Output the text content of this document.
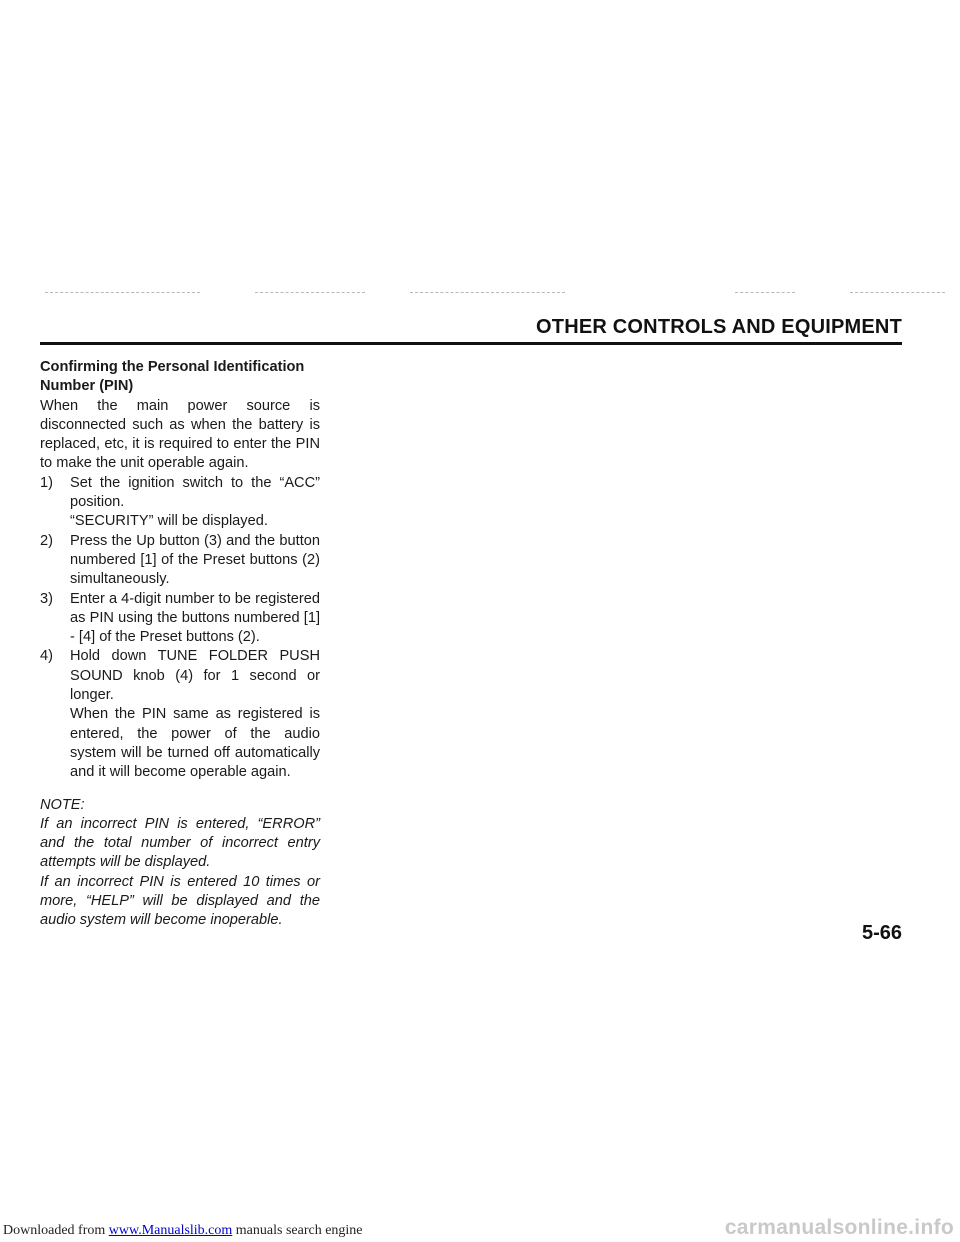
OTHER CONTROLS AND EQUIPMENT

Confirming the Personal Identification Number (PIN)

When the main power source is disconnected such as when the battery is replaced, etc, it is required to enter the PIN to make the unit operable again.

1) Set the ignition switch to the “ACC” position.
“SECURITY” will be displayed.
2) Press the Up button (3) and the button numbered [1] of the Preset buttons (2) simultaneously.
3) Enter a 4-digit number to be registered as PIN using the buttons numbered [1] - [4] of the Preset buttons (2).
4) Hold down TUNE FOLDER PUSH SOUND knob (4) for 1 second or longer.
When the PIN same as registered is entered, the power of the audio system will be turned off automatically and it will become operable again.

NOTE:

If an incorrect PIN is entered, “ERROR” and the total number of incorrect entry attempts will be displayed.

If an incorrect PIN is entered 10 times or more, “HELP” will be displayed and the audio system will become inoperable.

5-66
Downloaded from www.Manualslib.com manuals search engine	carmanualsonline.info
